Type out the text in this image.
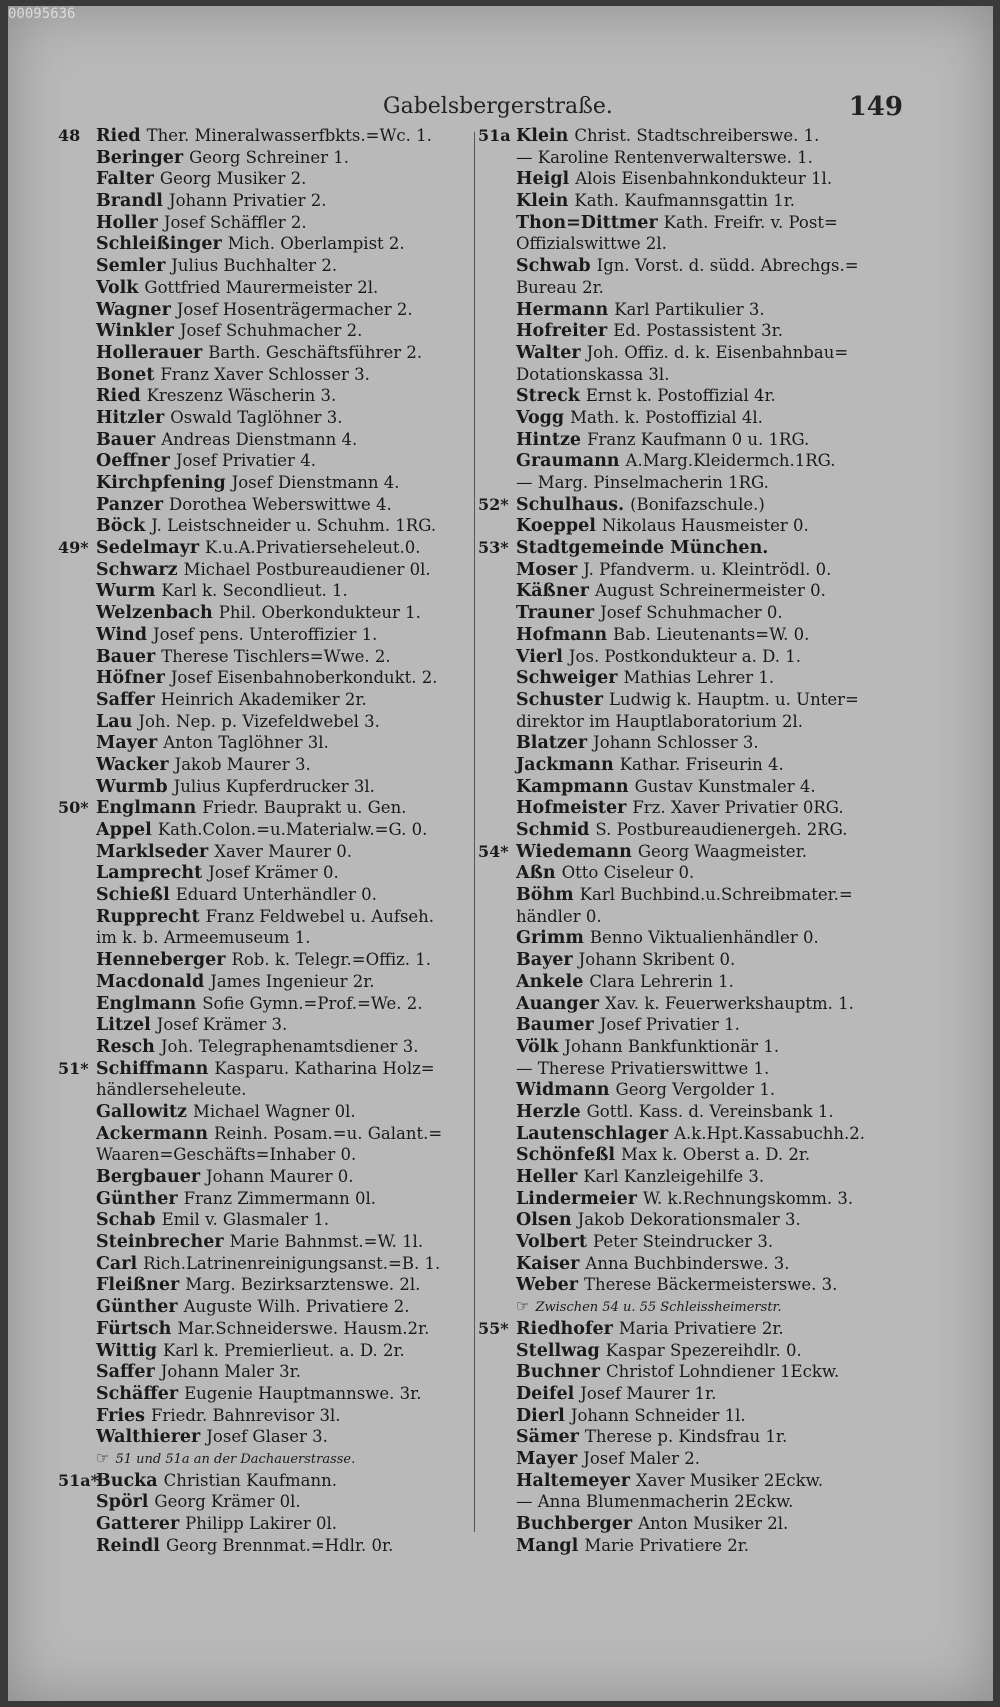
00095636
Gabelsbergerstraße.	149
48 Ried Ther. Mineralwasserfbkts.=Wc. 1.
Beringer Georg Schreiner 1.
Falter Georg Musiker 2.
Brandl Johann Privatier 2.
Holler Josef Schäffler 2.
Schleißinger Mich. Oberlampist 2.
Semler Julius Buchhalter 2.
Volk Gottfried Maurermeister 2l.
Wagner Josef Hosenträgermacher 2.
Winkler Josef Schuhmacher 2.
Hollerauer Barth. Geschäftsführer 2.
Bonet Franz Xaver Schlosser 3.
Ried Kreszenz Wäscherin 3.
Hitzler Oswald Taglöhner 3.
Bauer Andreas Dienstmann 4.
Oeffner Josef Privatier 4.
Kirchpfening Josef Dienstmann 4.
Panzer Dorothea Weberswittwe 4.
Böck J. Leistschneider u. Schuhm. 1RG.
49* Sedelmayr K.u.A.Privatierseheleut.0.
Schwarz Michael Postbureaudiener 0l.
Wurm Karl k. Secondlieut. 1.
Welzenbach Phil. Oberkondukteur 1.
Wind Josef pens. Unteroffizier 1.
Bauer Therese Tischlers=Wwe. 2.
Höfner Josef Eisenbahnoberkondukt. 2.
Saffer Heinrich Akademiker 2r.
Lau Joh. Nep. p. Vizefeldwebel 3.
Mayer Anton Taglöhner 3l.
Wacker Jakob Maurer 3.
Wurmb Julius Kupferdrucker 3l.
50* Englmann Friedr. Bauprakt u. Gen.
Appel Kath.Colon.=u.Materialw.=G. 0.
Marklseder Xaver Maurer 0.
Lamprecht Josef Krämer 0.
Schießl Eduard Unterhändler 0.
Rupprecht Franz Feldwebel u. Aufseh.
im k. b. Armeemuseum 1.
Henneberger Rob. k. Telegr.=Offiz. 1.
Macdonald James Ingenieur 2r.
Englmann Sofie Gymn.=Prof.=We. 2.
Litzel Josef Krämer 3.
Resch Joh. Telegraphenamtsdiener 3.
51* Schiffmann Kasparu. Katharina Holz=
händlerseheleute.
Gallowitz Michael Wagner 0l.
Ackermann Reinh. Posam.=u. Galant.=
Waaren=Geschäfts=Inhaber 0.
Bergbauer Johann Maurer 0.
Günther Franz Zimmermann 0l.
Schab Emil v. Glasmaler 1.
Steinbrecher Marie Bahnmst.=W. 1l.
Carl Rich.Latrinenreinigungsanst.=B. 1.
Fleißner Marg. Bezirksarztenswe. 2l.
Günther Auguste Wilh. Privatiere 2.
Fürtsch Mar.Schneiderswe. Hausm.2r.
Wittig Karl k. Premierlieut. a. D. 2r.
Saffer Johann Maler 3r.
Schäffer Eugenie Hauptmannswe. 3r.
Fries Friedr. Bahnrevisor 3l.
Walthierer Josef Glaser 3.
☞ 51 und 51a an der Dachauerstrasse.
51a*
Bucka Christian Kaufmann.
Spörl Georg Krämer 0l.
Gatterer Philipp Lakirer 0l.
Reindl Georg Brennmat.=Hdlr. 0r.
51a Klein Christ. Stadtschreiberswe. 1.
— Karoline Rentenverwalterswe. 1.
Heigl Alois Eisenbahnkondukteur 1l.
Klein Kath. Kaufmannsgattin 1r.
Thon=Dittmer Kath. Freifr. v. Post=
Offizialswittwe 2l.
Schwab Ign. Vorst. d. südd. Abrechgs.=
Bureau 2r.
Hermann Karl Partikulier 3.
Hofreiter Ed. Postassistent 3r.
Walter Joh. Offiz. d. k. Eisenbahnbau=
Dotationskassa 3l.
Streck Ernst k. Postoffizial 4r.
Vogg Math. k. Postoffizial 4l.
Hintze Franz Kaufmann 0 u. 1RG.
Graumann A.Marg.Kleidermch.1RG.
— Marg. Pinselmacherin 1RG.
52* Schulhaus. (Bonifazschule.)
Koeppel Nikolaus Hausmeister 0.
53* Stadtgemeinde München.
Moser J. Pfandverm. u. Kleintrödl. 0.
Käßner August Schreinermeister 0.
Trauner Josef Schuhmacher 0.
Hofmann Bab. Lieutenants=W. 0.
Vierl Jos. Postkondukteur a. D. 1.
Schweiger Mathias Lehrer 1.
Schuster Ludwig k. Hauptm. u. Unter=
direktor im Hauptlaboratorium 2l.
Blatzer Johann Schlosser 3.
Jackmann Kathar. Friseurin 4.
Kampmann Gustav Kunstmaler 4.
Hofmeister Frz. Xaver Privatier 0RG.
Schmid S. Postbureaudienergeh. 2RG.
54* Wiedemann Georg Waagmeister.
Aßn Otto Ciseleur 0.
Böhm Karl Buchbind.u.Schreibmater.=
händler 0.
Grimm Benno Viktualienhändler 0.
Bayer Johann Skribent 0.
Ankele Clara Lehrerin 1.
Auanger Xav. k. Feuerwerkshauptm. 1.
Baumer Josef Privatier 1.
Völk Johann Bankfunktionär 1.
— Therese Privatierswittwe 1.
Widmann Georg Vergolder 1.
Herzle Gottl. Kass. d. Vereinsbank 1.
Lautenschlager A.k.Hpt.Kassabuchh.2.
Schönfeßl Max k. Oberst a. D. 2r.
Heller Karl Kanzleigehilfe 3.
Lindermeier W. k.Rechnungskomm. 3.
Olsen Jakob Dekorationsmaler 3.
Volbert Peter Steindrucker 3.
Kaiser Anna Buchbinderswe. 3.
Weber Therese Bäckermeisterswe. 3.
☞ Zwischen 54 u. 55 Schleissheimerstr.
55* Riedhofer Maria Privatiere 2r.
Stellwag Kaspar Spezereihdlr. 0.
Buchner Christof Lohndiener 1Eckw.
Deifel Josef Maurer 1r.
Dierl Johann Schneider 1l.
Sämer Therese p. Kindsfrau 1r.
Mayer Josef Maler 2.
Haltemeyer Xaver Musiker 2Eckw.
— Anna Blumenmacherin 2Eckw.
Buchberger Anton Musiker 2l.
Mangl Marie Privatiere 2r.
